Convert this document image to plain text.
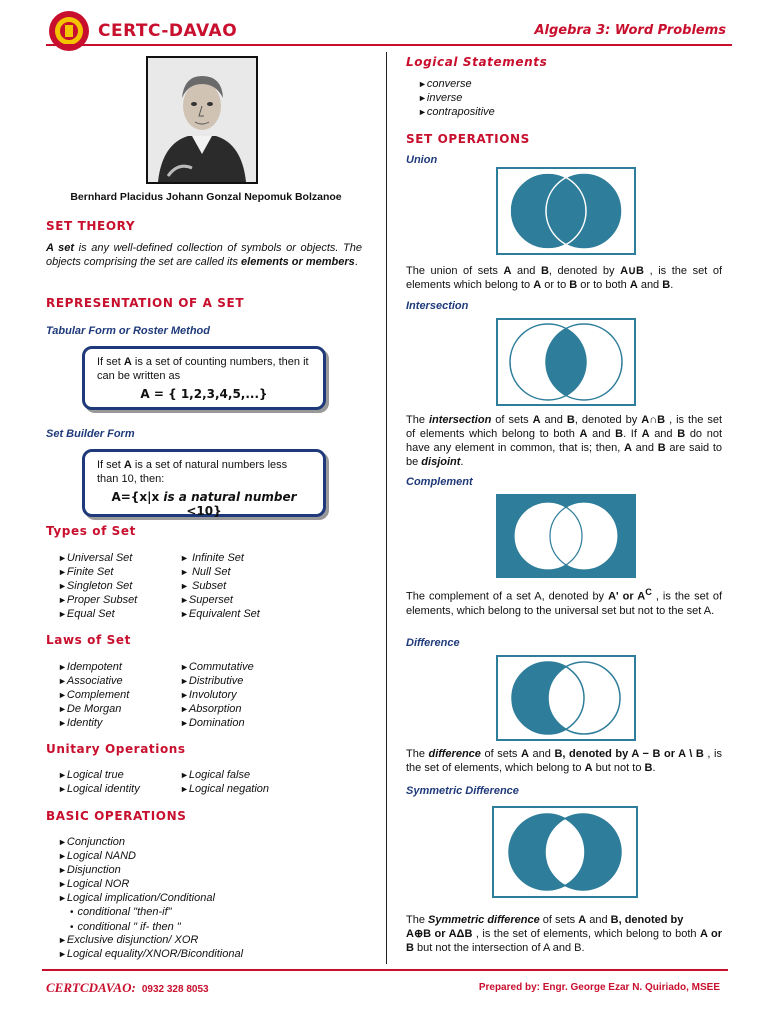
CERTC-DAVAO	Algebra 3: Word Problems
Bernhard Placidus Johann Gonzal Nepomuk Bolzanoe
SET THEORY
A set is any well-defined collection of symbols or objects. The objects comprising the set are called its elements or members.
REPRESENTATION OF A SET
Tabular Form or Roster Method
If set A is a set of counting numbers, then it can be written as
A = { 1,2,3,4,5,...}
Set Builder Form
If set A is a set of natural numbers less than 10, then:
A={x|x is a natural number <10}
Types of Set
► Universal Set
► Finite Set
► Singleton Set
► Proper Subset
► Equal Set
► Infinite Set
► Null Set
► Subset
► Superset
► Equivalent Set
Laws of Set
► Idempotent
► Associative
► Complement
► De Morgan
► Identity
► Commutative
► Distributive
► Involutory
► Absorption
► Domination
Unitary Operations
► Logical true
► Logical identity
► Logical false
► Logical negation
BASIC OPERATIONS
► Conjunction
► Logical NAND
► Disjunction
► Logical NOR
► Logical implication/Conditional
• conditional "then-if"
• conditional " if- then "
► Exclusive disjunction/ XOR
► Logical equality/XNOR/Biconditional
Logical Statements
► converse
► inverse
► contrapositive
SET OPERATIONS
Union
The union of sets A and B, denoted by A∪B , is the set of elements which belong to A or to B or to both A and B.
Intersection
The intersection of sets A and B, denoted by A∩B , is the set of elements which belong to both A and B. If A and B do not have any element in common, that is; then, A and B are said to be disjoint.
Complement
The complement of a set A, denoted by A' or $A^C$ , is the set of elements, which belong to the universal set but not to the set A.
Difference
The difference of sets A and B, denoted by A − B or A \ B , is the set of elements, which belong to A but not to B.
Symmetric Difference
The Symmetric difference of sets A and B, denoted by
A⊕B or AΔB , is the set of elements, which belong to both A or B but not the intersection of A and B.
CERTCDAVAO: 0932 328 8053	Prepared by: Engr. George Ezar N. Quiriado, MSEE
